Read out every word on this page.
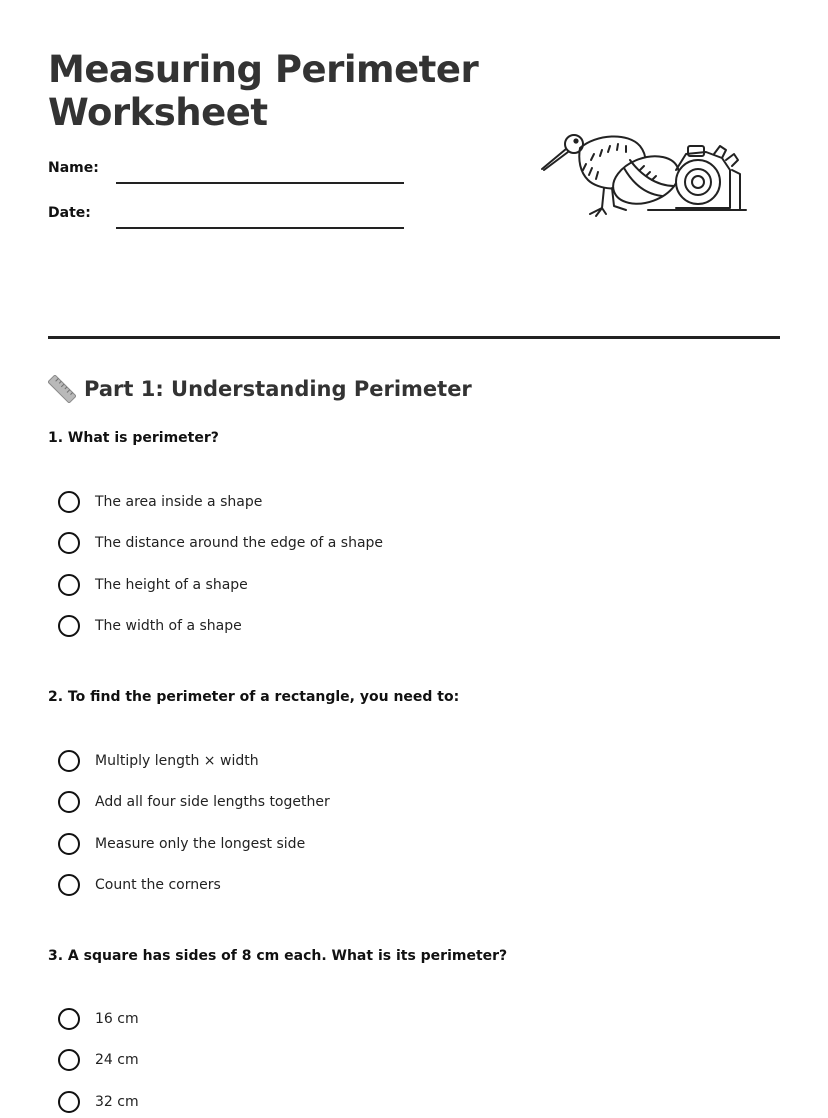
Measuring Perimeter
Worksheet
Name:
Date:
Part 1: Understanding Perimeter
1. What is perimeter?
The area inside a shape
The distance around the edge of a shape
The height of a shape
The width of a shape
2. To find the perimeter of a rectangle, you need to:
Multiply length × width
Add all four side lengths together
Measure only the longest side
Count the corners
3. A square has sides of 8 cm each. What is its perimeter?
16 cm
24 cm
32 cm
